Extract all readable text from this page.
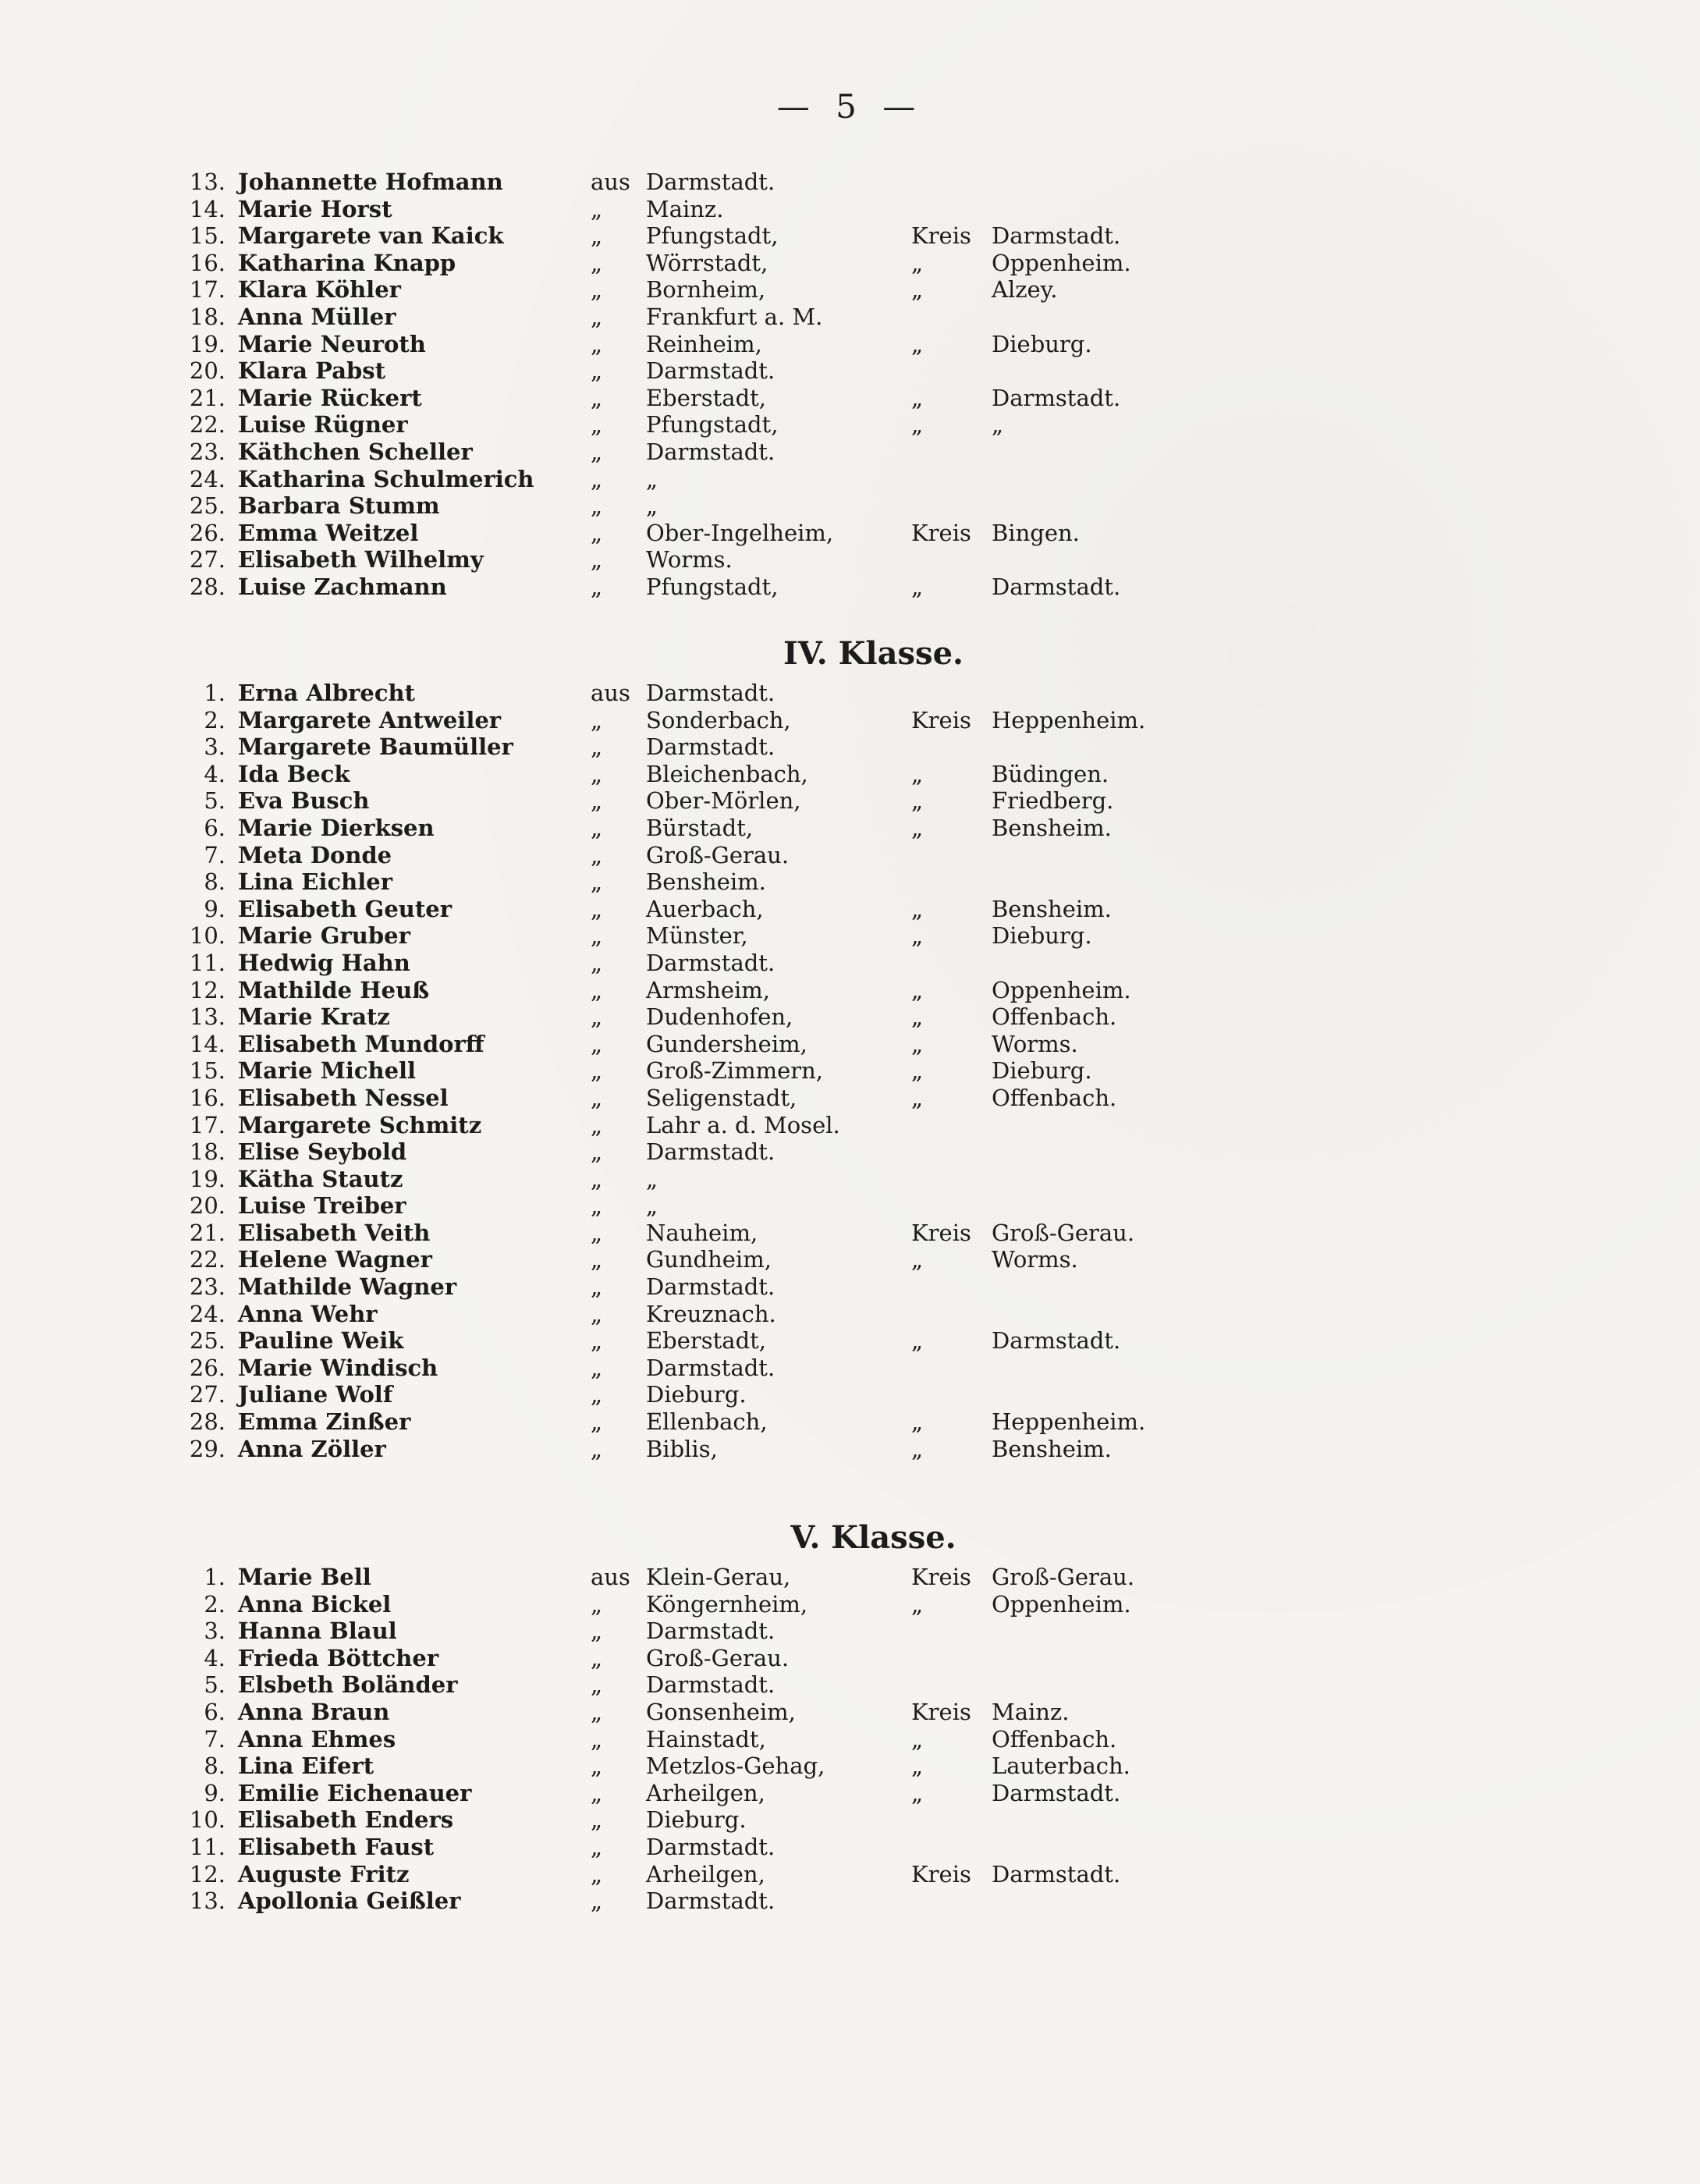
— 5 —
13. Johannette Hofmann	aus Darmstadt.
14. Marie Horst	„ Mainz.
15. Margarete van Kaick	„ Pfungstadt,	Kreis Darmstadt.
16. Katharina Knapp	„ Wörrstadt,	„	Oppenheim.
17. Klara Köhler	„ Bornheim,	„	Alzey.
18. Anna Müller	„ Frankfurt a. M.
19. Marie Neuroth	„ Reinheim,	„	Dieburg.
20. Klara Pabst	„ Darmstadt.
21. Marie Rückert	„ Eberstadt,	„	Darmstadt.
22. Luise Rügner	„ Pfungstadt,	„	„
23. Käthchen Scheller	„ Darmstadt.
24. Katharina Schulmerich	„ „
25. Barbara Stumm	„ „
26. Emma Weitzel	„ Ober-Ingelheim,	Kreis Bingen.
27. Elisabeth Wilhelmy	„ Worms.
28. Luise Zachmann	„ Pfungstadt,	„	Darmstadt.
IV. Klasse.
1. Erna Albrecht	aus Darmstadt.
2. Margarete Antweiler	„ Sonderbach,	Kreis Heppenheim.
3. Margarete Baumüller	„ Darmstadt.
4. Ida Beck	„ Bleichenbach,	„	Büdingen.
5. Eva Busch	„ Ober-Mörlen,	„	Friedberg.
6. Marie Dierksen	„ Bürstadt,	„	Bensheim.
7. Meta Donde	„ Groß-Gerau.
8. Lina Eichler	„ Bensheim.
9. Elisabeth Geuter	„ Auerbach,	„	Bensheim.
10. Marie Gruber	„ Münster,	„	Dieburg.
11. Hedwig Hahn	„ Darmstadt.
12. Mathilde Heuß	„ Armsheim,	„	Oppenheim.
13. Marie Kratz	„ Dudenhofen,	„	Offenbach.
14. Elisabeth Mundorff	„ Gundersheim,	„	Worms.
15. Marie Michell	„ Groß-Zimmern,	„	Dieburg.
16. Elisabeth Nessel	„ Seligenstadt,	„	Offenbach.
17. Margarete Schmitz	„ Lahr a. d. Mosel.
18. Elise Seybold	„ Darmstadt.
19. Kätha Stautz	„ „
20. Luise Treiber	„ „
21. Elisabeth Veith	„ Nauheim,	Kreis Groß-Gerau.
22. Helene Wagner	„ Gundheim,	„	Worms.
23. Mathilde Wagner	„ Darmstadt.
24. Anna Wehr	„ Kreuznach.
25. Pauline Weik	„ Eberstadt,	„	Darmstadt.
26. Marie Windisch	„ Darmstadt.
27. Juliane Wolf	„ Dieburg.
28. Emma Zinßer	„ Ellenbach,	„	Heppenheim.
29. Anna Zöller	„ Biblis,	„	Bensheim.
V. Klasse.
1. Marie Bell	aus Klein-Gerau,	Kreis Groß-Gerau.
2. Anna Bickel	„ Köngernheim,	„	Oppenheim.
3. Hanna Blaul	„ Darmstadt.
4. Frieda Böttcher	„ Groß-Gerau.
5. Elsbeth Boländer	„ Darmstadt.
6. Anna Braun	„ Gonsenheim,	Kreis Mainz.
7. Anna Ehmes	„ Hainstadt,	„	Offenbach.
8. Lina Eifert	„ Metzlos-Gehag,	„	Lauterbach.
9. Emilie Eichenauer	„ Arheilgen,	„	Darmstadt.
10. Elisabeth Enders	„ Dieburg.
11. Elisabeth Faust	„ Darmstadt.
12. Auguste Fritz	„ Arheilgen,	Kreis Darmstadt.
13. Apollonia Geißler	„ Darmstadt.
